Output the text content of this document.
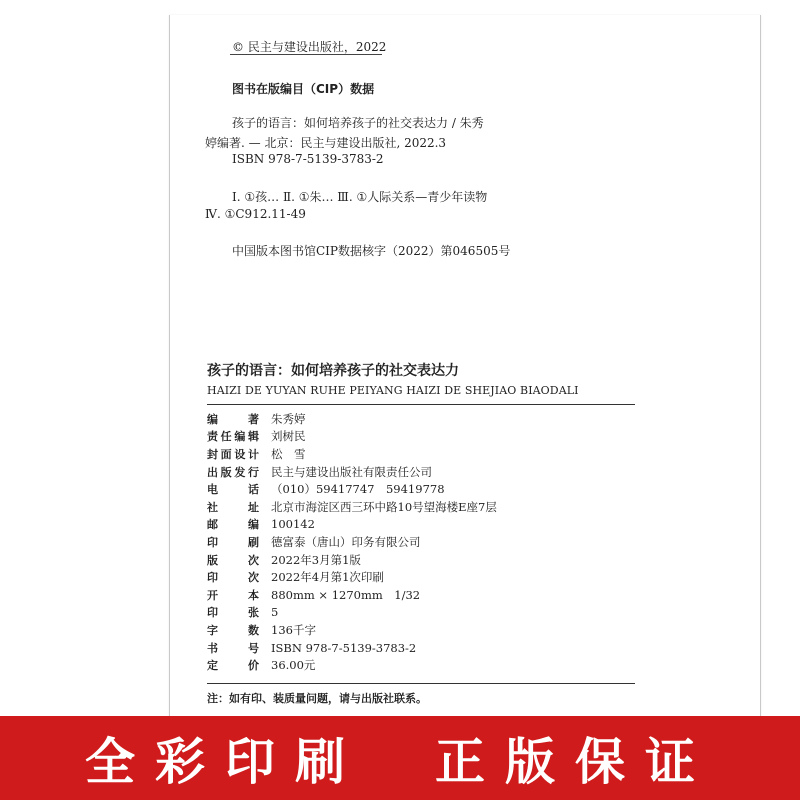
© 民主与建设出版社，2022
图书在版编目（CIP）数据
孩子的语言：如何培养孩子的社交表达力 / 朱秀
婷编著. — 北京：民主与建设出版社, 2022.3
ISBN 978-7-5139-3783-2
Ⅰ. ①孩… Ⅱ. ①朱… Ⅲ. ①人际关系—青少年读物
Ⅳ. ①C912.11-49
中国版本图书馆CIP数据核字（2022）第046505号
孩子的语言：如何培养孩子的社交表达力
HAIZI DE YUYAN RUHE PEIYANG HAIZI DE SHEJIAO BIAODALI
编	著 朱秀婷
责 任 编 辑 刘树民
封 面 设 计 松　雪
出 版 发 行 民主与建设出版社有限责任公司
电	话 （010）59417747　59419778
社	址 北京市海淀区西三环中路10号望海楼E座7层
邮	编 100142
印	刷 德富泰（唐山）印务有限公司
版	次 2022年3月第1版
印	次 2022年4月第1次印刷
开	本 880mm × 1270mm　1/32
印	张 5
字	数 136千字
书	号 ISBN 978-7-5139-3783-2
定	价 36.00元
注：如有印、装质量问题，请与出版社联系。
全彩印刷　正版保证
